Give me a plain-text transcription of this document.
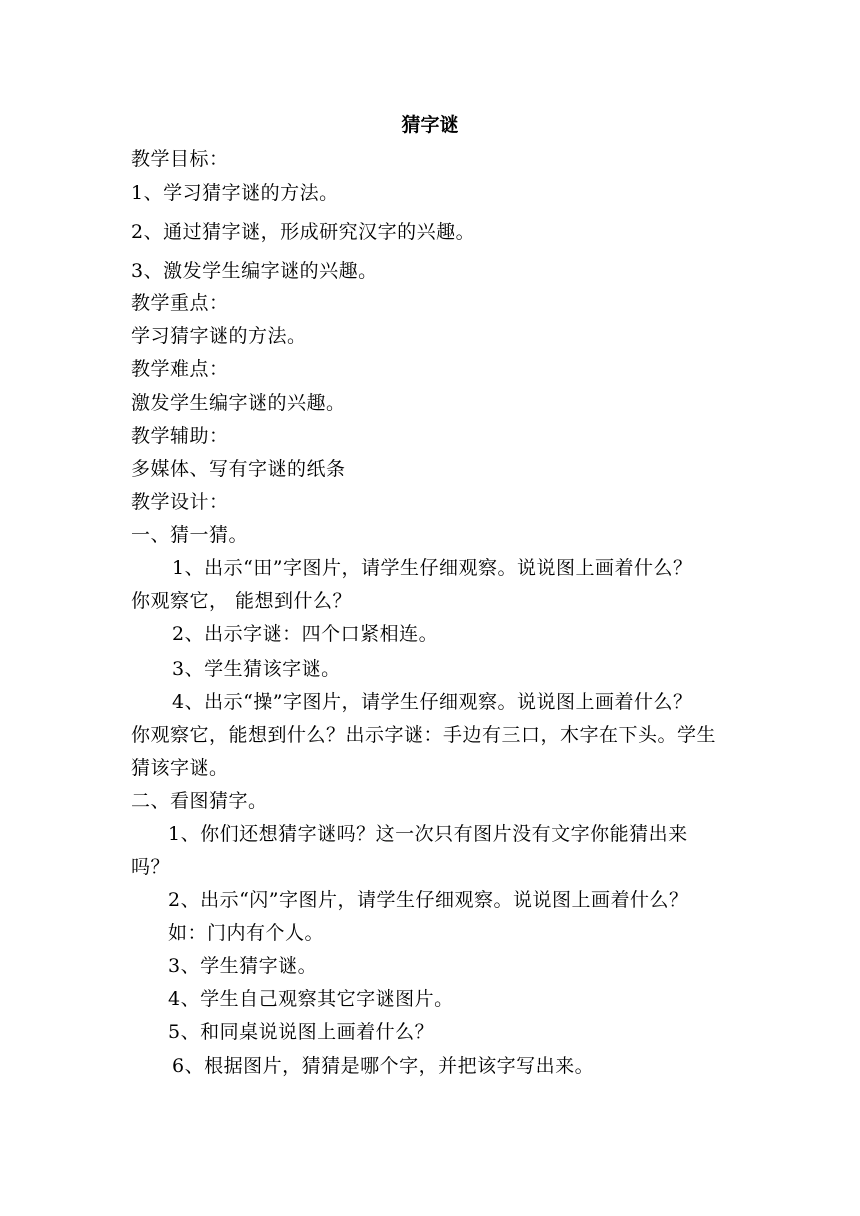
猜字谜
教学目标：
1、学习猜字谜的方法。
2、通过猜字谜，形成研究汉字的兴趣。
3、激发学生编字谜的兴趣。
教学重点：
学习猜字谜的方法。
教学难点：
激发学生编字谜的兴趣。
教学辅助：
多媒体、写有字谜的纸条
教学设计：
一、猜一猜。
1、出示“田”字图片，请学生仔细观察。说说图上画着什么？
你观察它， 能想到什么？
2、出示字谜：四个口紧相连。
3、学生猜该字谜。
4、出示“操”字图片，请学生仔细观察。说说图上画着什么？
你观察它，能想到什么？出示字谜：手边有三口，木字在下头。学生
猜该字谜。
二、看图猜字。
1、你们还想猜字谜吗？这一次只有图片没有文字你能猜出来
吗？
2、出示“闪”字图片，请学生仔细观察。说说图上画着什么？
如：门内有个人。
3、学生猜字谜。
4、学生自己观察其它字谜图片。
5、和同桌说说图上画着什么？
6、根据图片，猜猜是哪个字，并把该字写出来。
